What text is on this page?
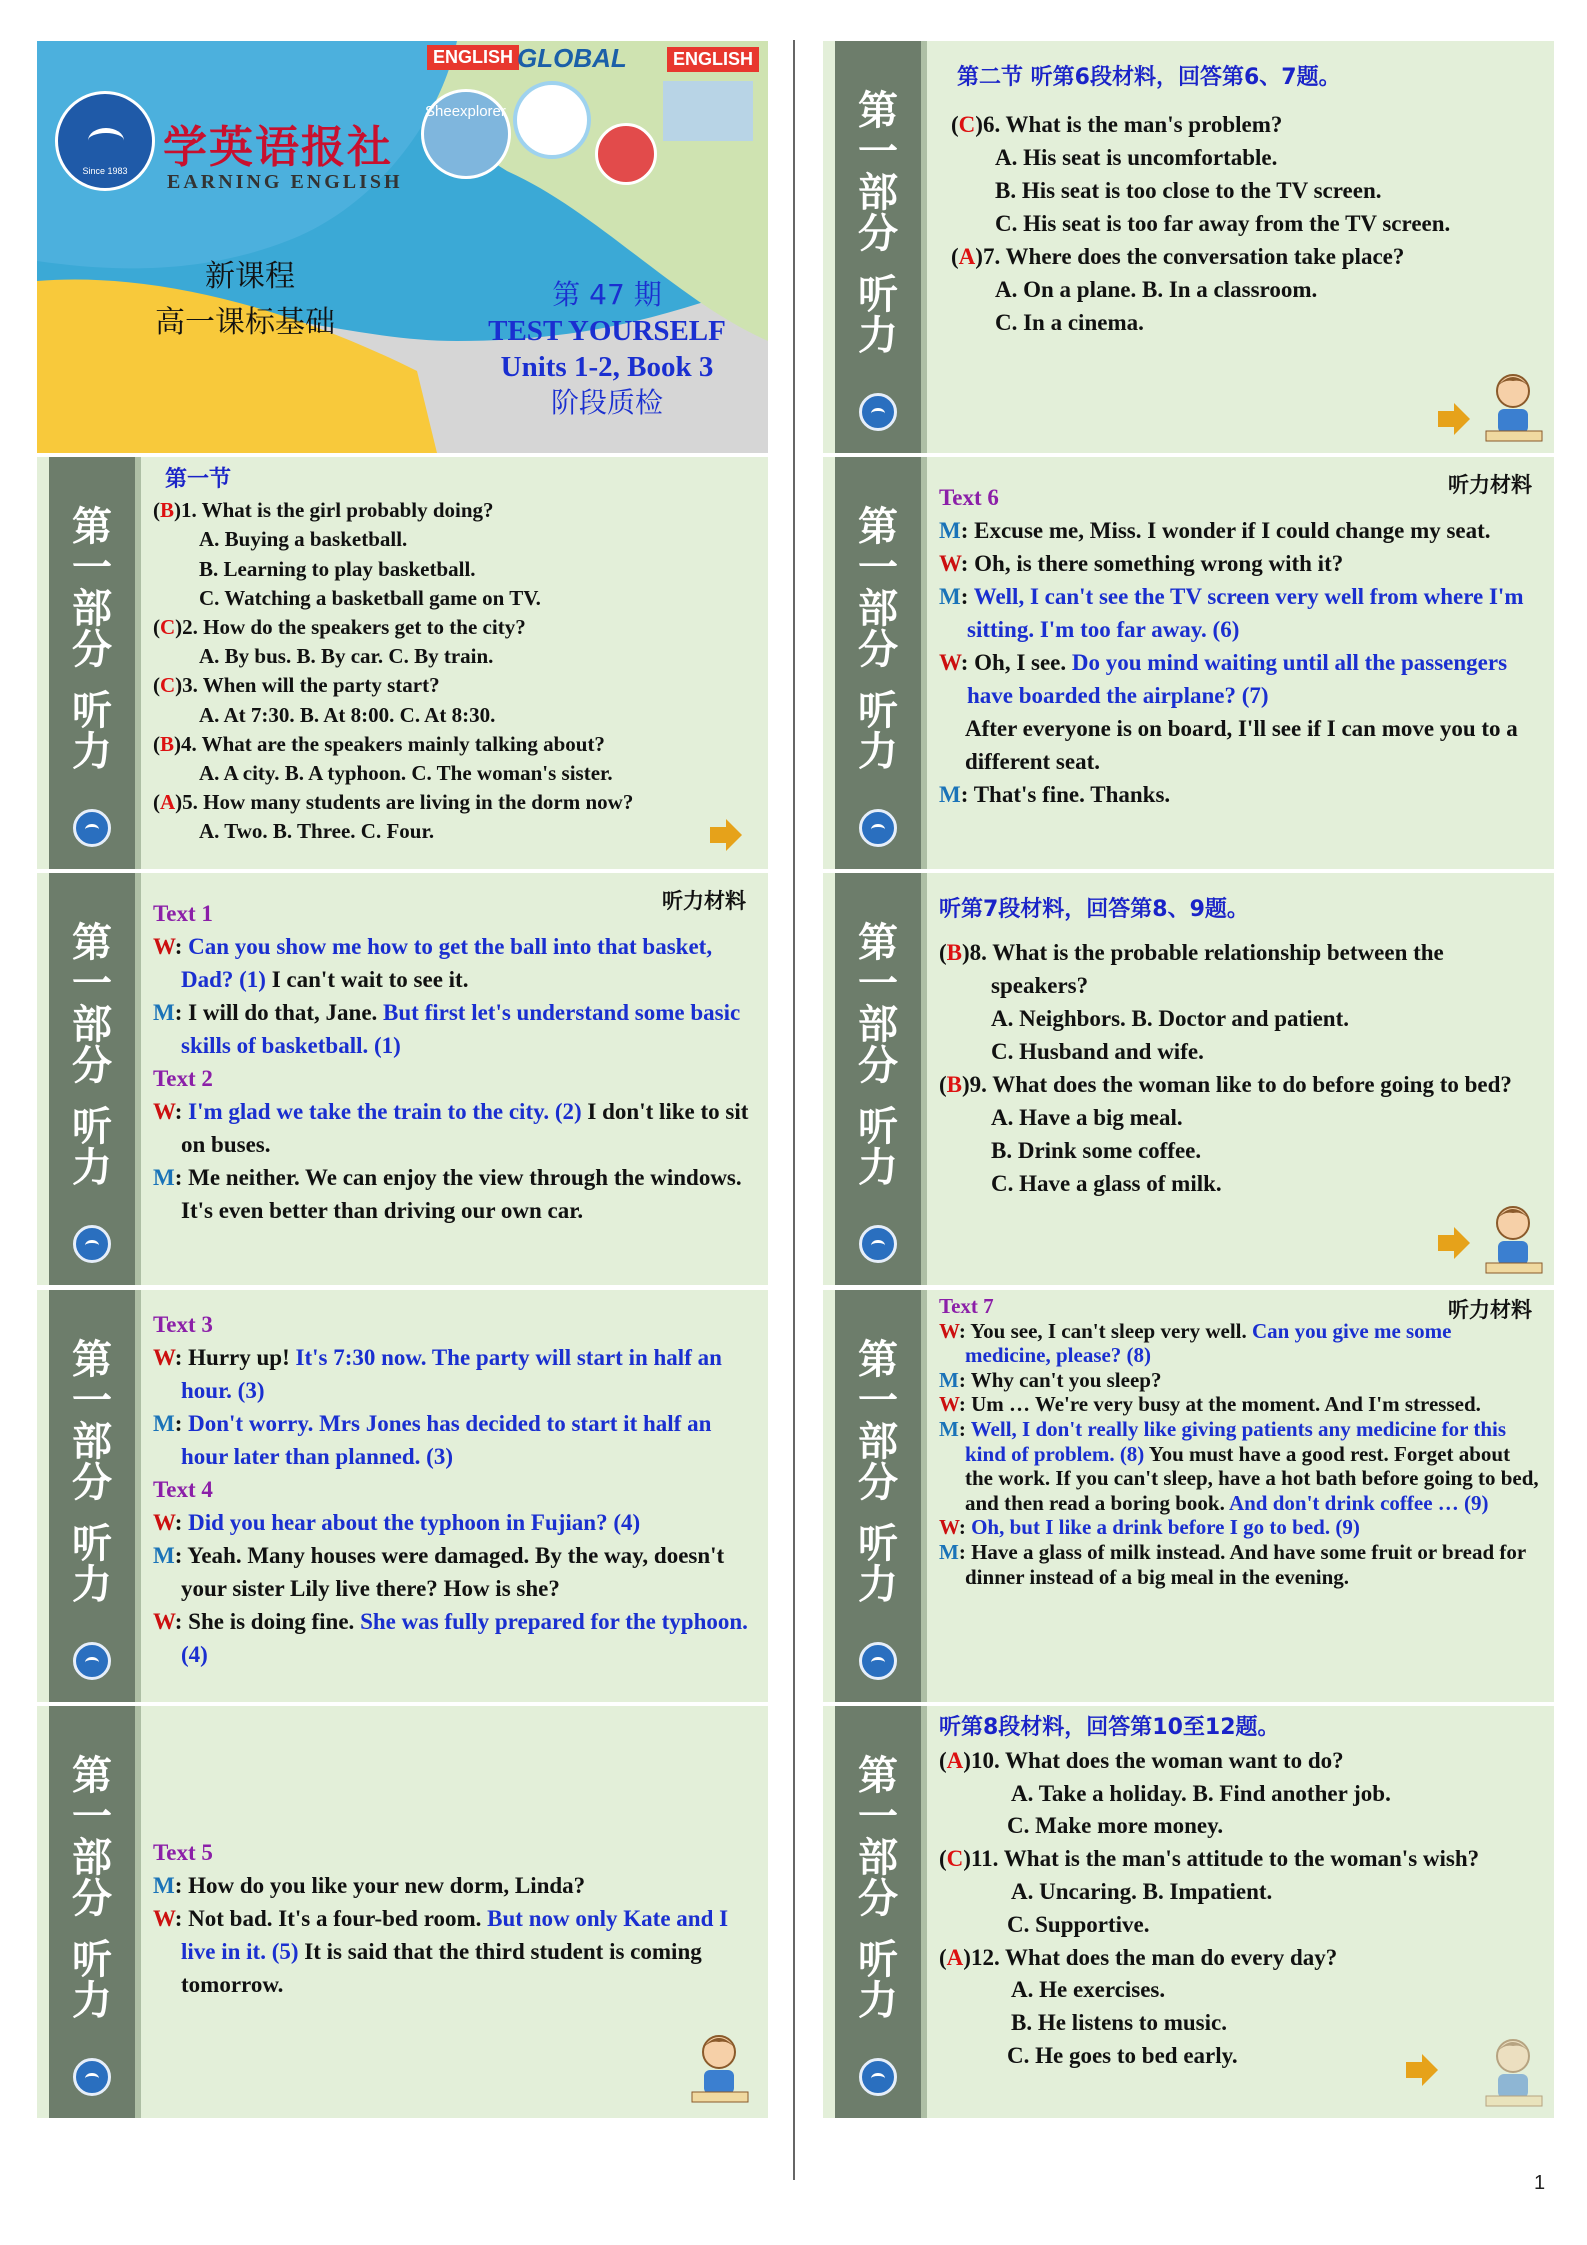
Since 1983 学英语报社
EARNING ENGLISH
ENGLISH GLOBAL	ENGLISH
Sheexplorer
新课程
高一课标基础
第 47 期
TEST YOURSELF
Units 1-2, Book 3
阶段质检
第
一
部
分
听
力
第一节
(B)1. What is the girl probably doing?
A. Buying a basketball.
B. Learning to play basketball.
C. Watching a basketball game on TV.
(C)2. How do the speakers get to the city?
A. By bus. B. By car. C. By train.
(C)3. When will the party start?
A. At 7:30. B. At 8:00. C. At 8:30.
(B)4. What are the speakers mainly talking about?
A. A city. B. A typhoon. C. The woman's sister.
(A)5. How many students are living in the dorm now?
A. Two. B. Three. C. Four.
第
一
部
分
听
力
听力材料
Text 1
W: Can you show me how to get the ball into that basket, Dad? (1) I can't wait to see it.
M: I will do that, Jane. But first let's understand some basic skills of basketball. (1)
Text 2
W: I'm glad we take the train to the city. (2) I don't like to sit on buses.
M: Me neither. We can enjoy the view through the windows. It's even better than driving our own car.
第
一
部
分
听
力
Text 3
W: Hurry up! It's 7:30 now. The party will start in half an hour. (3)
M: Don't worry. Mrs Jones has decided to start it half an hour later than planned. (3)
Text 4
W: Did you hear about the typhoon in Fujian? (4)
M: Yeah. Many houses were damaged. By the way, doesn't your sister Lily live there? How is she?
W: She is doing fine. She was fully prepared for the typhoon. (4)
第
一
部
分
听
力
Text 5
M: How do you like your new dorm, Linda?
W: Not bad. It's a four-bed room. But now only Kate and I live in it. (5) It is said that the third student is coming tomorrow.
第
一
部
分
听
力
第二节 听第6段材料，回答第6、7题。
(C)6. What is the man's problem?
A. His seat is uncomfortable.
B. His seat is too close to the TV screen.
C. His seat is too far away from the TV screen.
(A)7. Where does the conversation take place?
A. On a plane. B. In a classroom.
C. In a cinema.
第
一
部
分
听
力
听力材料
Text 6
M: Excuse me, Miss. I wonder if I could change my seat.
W: Oh, is there something wrong with it?
M: Well, I can't see the TV screen very well from where I'm sitting. I'm too far away. (6)
W: Oh, I see. Do you mind waiting until all the passengers have boarded the airplane? (7)
After everyone is on board, I'll see if I can move you to a different seat.
M: That's fine. Thanks.
第
一
部
分
听
力
听第7段材料，回答第8、9题。
(B)8. What is the probable relationship between the speakers?
A. Neighbors. B. Doctor and patient.
C. Husband and wife.
(B)9. What does the woman like to do before going to bed?
A. Have a big meal.
B. Drink some coffee.
C. Have a glass of milk.
第
一
部
分
听
力
听力材料
Text 7
W: You see, I can't sleep very well. Can you give me some medicine, please? (8)
M: Why can't you sleep?
W: Um … We're very busy at the moment. And I'm stressed.
M: Well, I don't really like giving patients any medicine for this kind of problem. (8) You must have a good rest. Forget about the work. If you can't sleep, have a hot bath before going to bed, and then read a boring book. And don't drink coffee … (9)
W: Oh, but I like a drink before I go to bed. (9)
M: Have a glass of milk instead. And have some fruit or bread for dinner instead of a big meal in the evening.
第
一
部
分
听
力
听第8段材料，回答第10至12题。
(A)10. What does the woman want to do?
A. Take a holiday. B. Find another job.
C. Make more money.
(C)11. What is the man's attitude to the woman's wish?
A. Uncaring. B. Impatient.
C. Supportive.
(A)12. What does the man do every day?
A. He exercises.
B. He listens to music.
C. He goes to bed early.
1
